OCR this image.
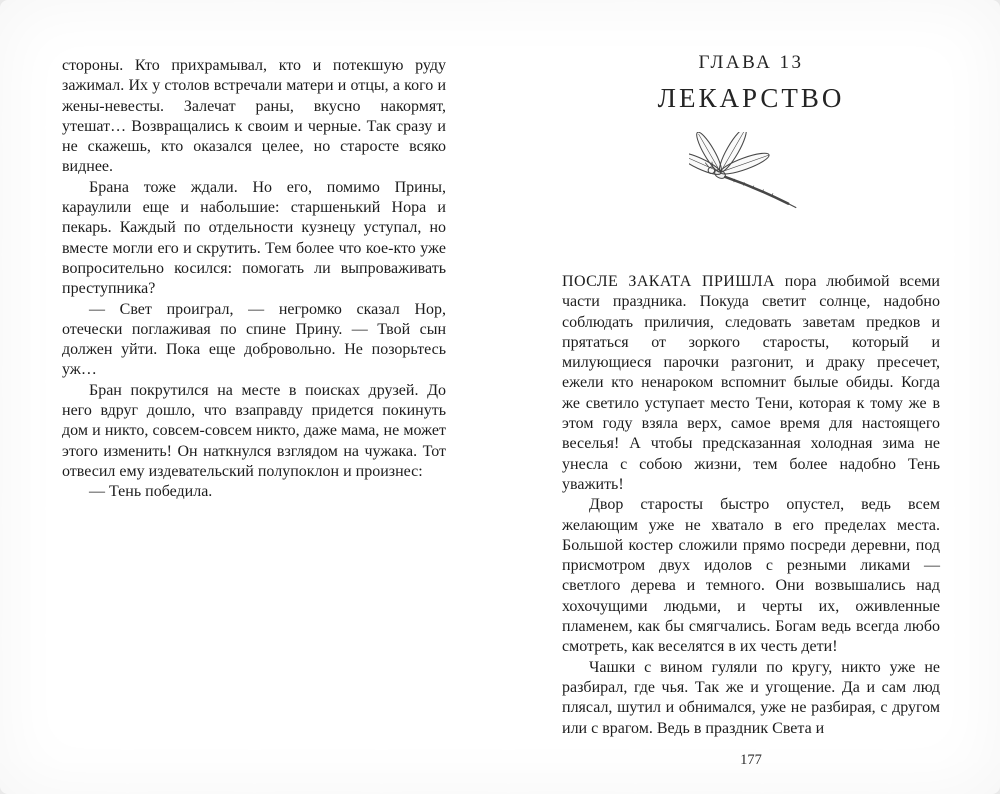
стороны. Кто прихрамывал, кто и потекшую руду зажимал. Их у столов встречали матери и отцы, а кого и жены-невесты. Залечат раны, вкусно накормят, утешат… Возвращались к своим и черные. Так сразу и не скажешь, кто оказался целее, но старосте всяко виднее.

Брана тоже ждали. Но его, помимо Прины, караулили еще и набольшие: старшенький Нора и пекарь. Каждый по отдельности кузнецу уступал, но вместе могли его и скрутить. Тем более что кое-кто уже вопросительно косился: помогать ли выпроваживать преступника?

— Свет проиграл, — негромко сказал Нор, отечески поглаживая по спине Прину. — Твой сын должен уйти. Пока еще добровольно. Не позорьтесь уж…

Бран покрутился на месте в поисках друзей. До него вдруг дошло, что взаправду придется покинуть дом и никто, совсем-совсем никто, даже мама, не может этого изменить! Он наткнулся взглядом на чужака. Тот отвесил ему издевательский полупоклон и произнес:

— Тень победила.

ГЛАВА 13
ЛЕКАРСТВО

ПОСЛЕ ЗАКАТА ПРИШЛА пора любимой всеми части праздника. Покуда светит солнце, надобно соблюдать приличия, следовать заветам предков и прятаться от зоркого старосты, который и милующиеся парочки разгонит, и драку пресечет, ежели кто ненароком вспомнит былые обиды. Когда же светило уступает место Тени, которая к тому же в этом году взяла верх, самое время для настоящего веселья! А чтобы предсказанная холодная зима не унесла с собою жизни, тем более надобно Тень уважить!

Двор старосты быстро опустел, ведь всем желающим уже не хватало в его пределах места. Большой костер сложили прямо посреди деревни, под присмотром двух идолов с резными ликами — светлого дерева и темного. Они возвышались над хохочущими людьми, и черты их, оживленные пламенем, как бы смягчались. Богам ведь всегда любо смотреть, как веселятся в их честь дети!

Чашки с вином гуляли по кругу, никто уже не разбирал, где чья. Так же и угощение. Да и сам люд плясал, шутил и обнимался, уже не разбирая, с другом или с врагом. Ведь в праздник Света и

177
